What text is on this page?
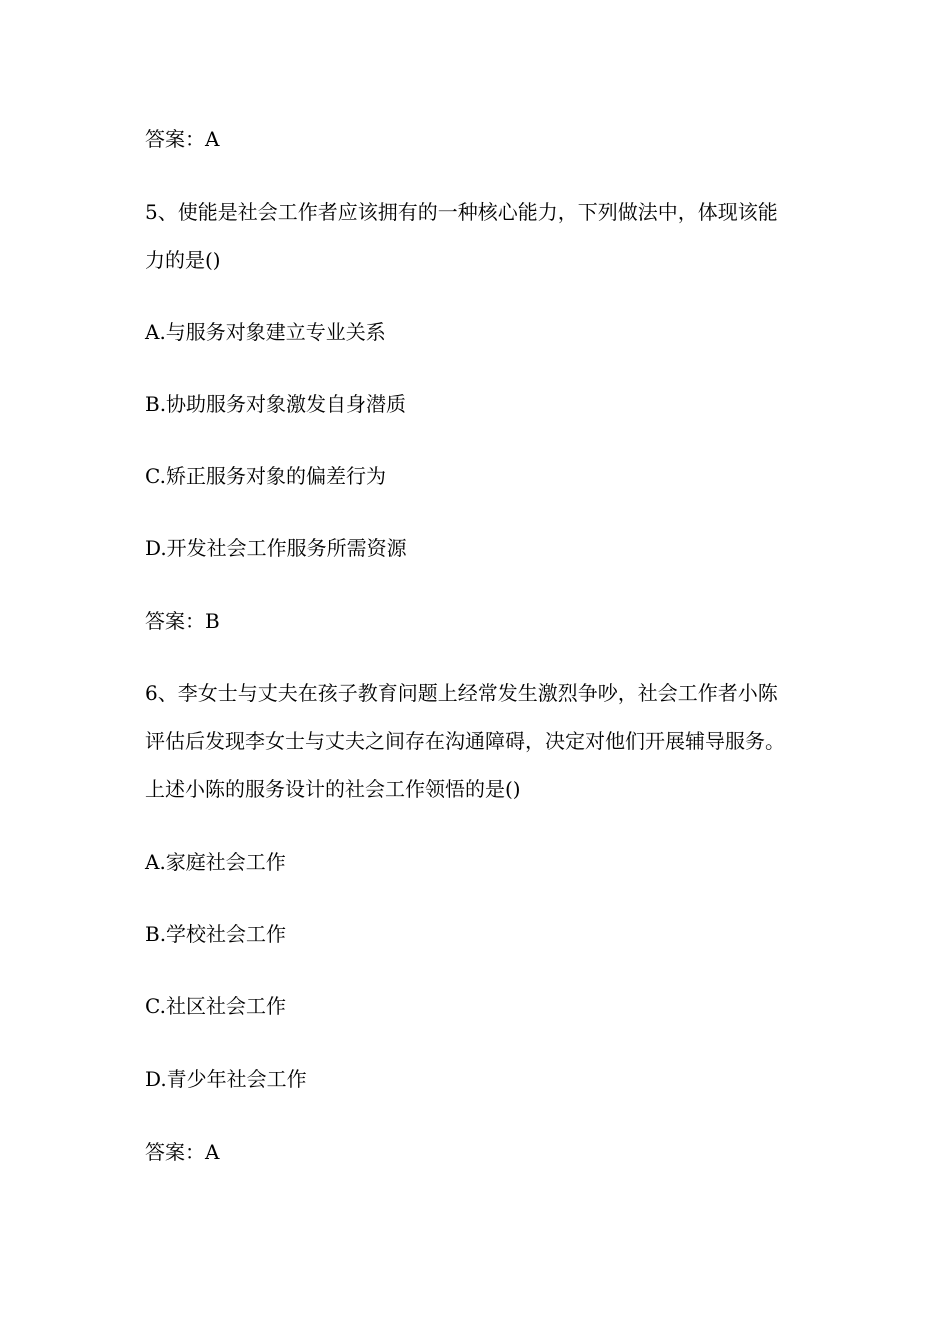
答案：A
5、使能是社会工作者应该拥有的一种核心能力，下列做法中，体现该能
力的是()
A.与服务对象建立专业关系
B.协助服务对象激发自身潜质
C.矫正服务对象的偏差行为
D.开发社会工作服务所需资源
答案：B
6、李女士与丈夫在孩子教育问题上经常发生激烈争吵，社会工作者小陈
评估后发现李女士与丈夫之间存在沟通障碍，决定对他们开展辅导服务。
上述小陈的服务设计的社会工作领悟的是()
A.家庭社会工作
B.学校社会工作
C.社区社会工作
D.青少年社会工作
答案：A
